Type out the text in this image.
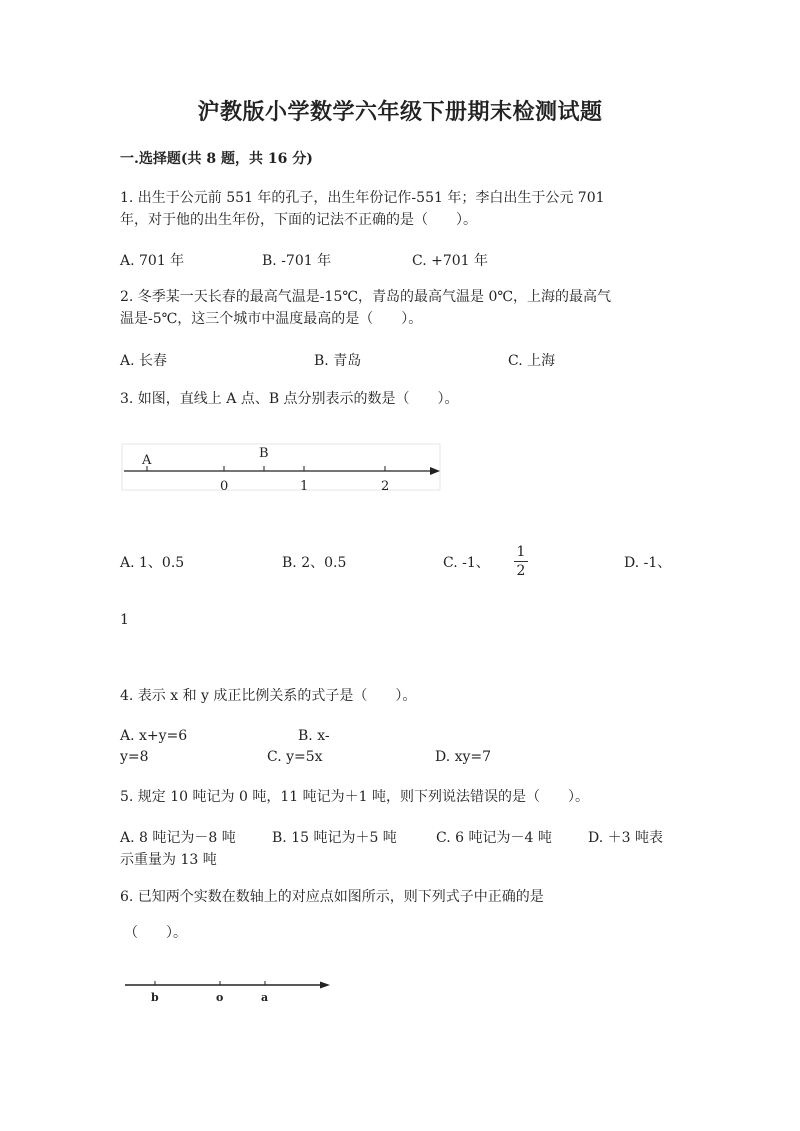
沪教版小学数学六年级下册期末检测试题
一.选择题(共 8 题，共 16 分)
1. 出生于公元前 551 年的孔子，出生年份记作-551 年；李白出生于公元 701
年，对于他的出生年份，下面的记法不正确的是（　　）。
A. 701 年	B. -701 年	C. +701 年
2. 冬季某一天长春的最高气温是-15℃，青岛的最高气温是 0℃，上海的最高气
温是-5℃，这三个城市中温度最高的是（　　）。
A. 长春	B. 青岛	C. 上海
3. 如图，直线上 A 点、B 点分别表示的数是（　　）。
A	B
0	1	2
A. 1、0.5	B. 2、0.5	C. -1、
1
2	D. -1、
1
4. 表示 x 和 y 成正比例关系的式子是（　　）。
A. x+y=6	B. x-
y=8	C. y=5x	D. xy=7
5. 规定 10 吨记为 0 吨，11 吨记为＋1 吨，则下列说法错误的是（　　）。
A. 8 吨记为－8 吨	B. 15 吨记为＋5 吨	C. 6 吨记为－4 吨	D. ＋3 吨表
示重量为 13 吨
6. 已知两个实数在数轴上的对应点如图所示，则下列式子中正确的是
（　　）。
b	o	a
